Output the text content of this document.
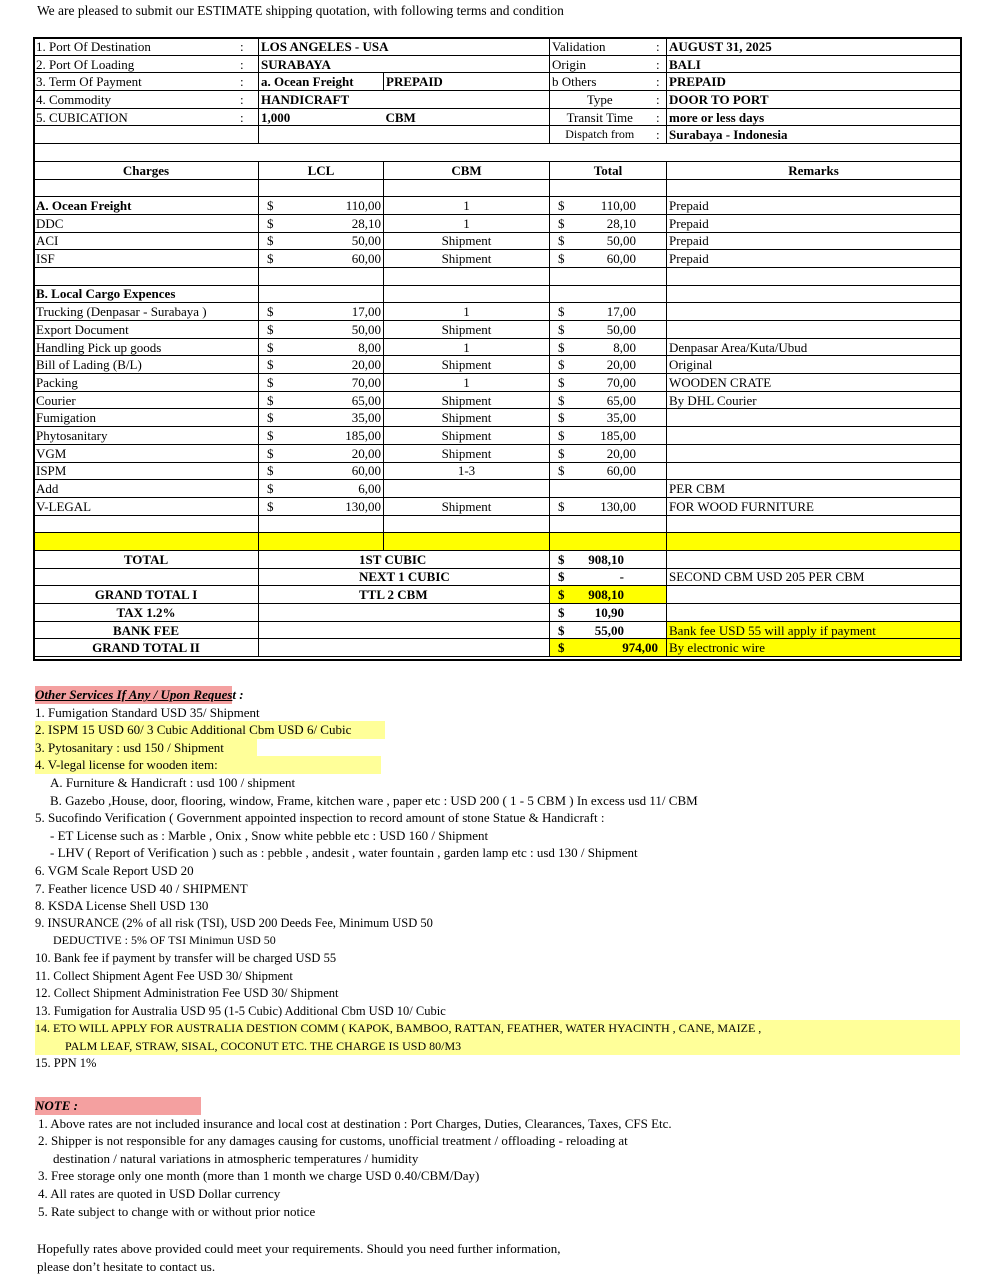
We are pleased to submit our ESTIMATE shipping quotation, with following terms and condition
1. Port Of Destination	:	LOS ANGELES - USA		Validation	:	AUGUST 31, 2025
2. Port Of Loading	:	SURABAYA		Origin	:	BALI
3. Term Of Payment	:	a. Ocean Freight	PREPAID	b Others	:	PREPAID
4. Commodity	:	HANDICRAFT		Type	:	DOOR TO PORT
5. CUBICATION	:	1,000	CBM	Transit Time	:	more or less days
				Dispatch from	:	Surabaya - Indonesia

Charges		LCL	CBM	Total		Remarks

A. Ocean Freight		$ 110,00	1	$ 110,00		Prepaid
DDC		$ 28,10	1	$ 28,10		Prepaid
ACI		$ 50,00	Shipment	$ 50,00		Prepaid
ISF		$ 60,00	Shipment	$ 60,00		Prepaid

B. Local Cargo Expences						
Trucking (Denpasar - Surabaya )		$ 17,00	1	$ 17,00		

Export Document		$ 50,00	Shipment	$ 50,00		

Handling Pick up goods		$ 8,00	1	$ 8,00		Denpasar Area/Kuta/Ubud
Bill of Lading (B/L)		$ 20,00	Shipment	$ 20,00		Original
Packing		$ 70,00	1	$ 70,00		WOODEN CRATE
Courier		$ 65,00	Shipment	$ 65,00		By DHL Courier
Fumigation		$ 35,00	Shipment	$ 35,00		

Phytosanitary		$ 185,00	Shipment	$ 185,00		

VGM		$ 20,00	Shipment	$ 20,00		

ISPM		$ 60,00	1-3	$ 60,00		

Add		$ 6,00				PER CBM
V-LEGAL		$ 130,00	Shipment	$ 130,00		FOR WOOD FURNITURE

TOTAL		1ST CUBIC		$	908,10	

		NEXT 1 CUBIC		$	-	SECOND CBM USD 205 PER CBM
GRAND TOTAL I		TTL 2 CBM		$	908,10	

TAX 1.2%				$	10,90	

BANK FEE				$	55,00	Bank fee USD 55 will apply if payment
GRAND TOTAL II				$	974,00	By electronic wire
Other Services If Any / Upon Request :
1. Fumigation Standard USD 35/ Shipment
2. ISPM 15 USD 60/ 3 Cubic Additional Cbm USD 6/ Cubic
3. Pytosanitary : usd 150 / Shipment
4. V-legal license for wooden item:
A. Furniture & Handicraft : usd 100 / shipment
B. Gazebo ,House, door, flooring, window, Frame, kitchen ware , paper etc : USD 200 ( 1 - 5 CBM ) In excess usd 11/ CBM
5. Sucofindo Verification ( Government appointed inspection to record amount of stone Statue & Handicraft :
- ET License such as : Marble , Onix , Snow white pebble etc : USD 160 / Shipment
- LHV ( Report of Verification ) such as : pebble , andesit , water fountain , garden lamp etc : usd 130 / Shipment
6. VGM Scale Report USD 20
7. Feather licence USD 40 / SHIPMENT
8. KSDA License Shell USD 130
9. INSURANCE (2% of all risk (TSI), USD 200 Deeds Fee, Minimum USD 50
DEDUCTIVE : 5% OF TSI Minimun USD 50
10. Bank fee if payment by transfer will be charged USD 55
11. Collect Shipment Agent Fee USD 30/ Shipment
12. Collect Shipment Administration Fee USD 30/ Shipment
13. Fumigation for Australia USD 95 (1-5 Cubic) Additional Cbm USD 10/ Cubic
14. ETO WILL APPLY FOR AUSTRALIA DESTION COMM ( KAPOK, BAMBOO, RATTAN, FEATHER, WATER HYACINTH , CANE, MAIZE ,
PALM LEAF, STRAW, SISAL, COCONUT ETC. THE CHARGE IS USD 80/M3
15. PPN 1%
NOTE :
1. Above rates are not included insurance and local cost at destination : Port Charges, Duties, Clearances, Taxes, CFS Etc.
2. Shipper is not responsible for any damages causing for customs, unofficial treatment / offloading - reloading at
destination / natural variations in atmospheric temperatures / humidity
3. Free storage only one month (more than 1 month we charge USD 0.40/CBM/Day)
4. All rates are quoted in USD Dollar currency
5. Rate subject to change with or without prior notice
Hopefully rates above provided could meet your requirements. Should you need further information,
please don’t hesitate to contact us.
